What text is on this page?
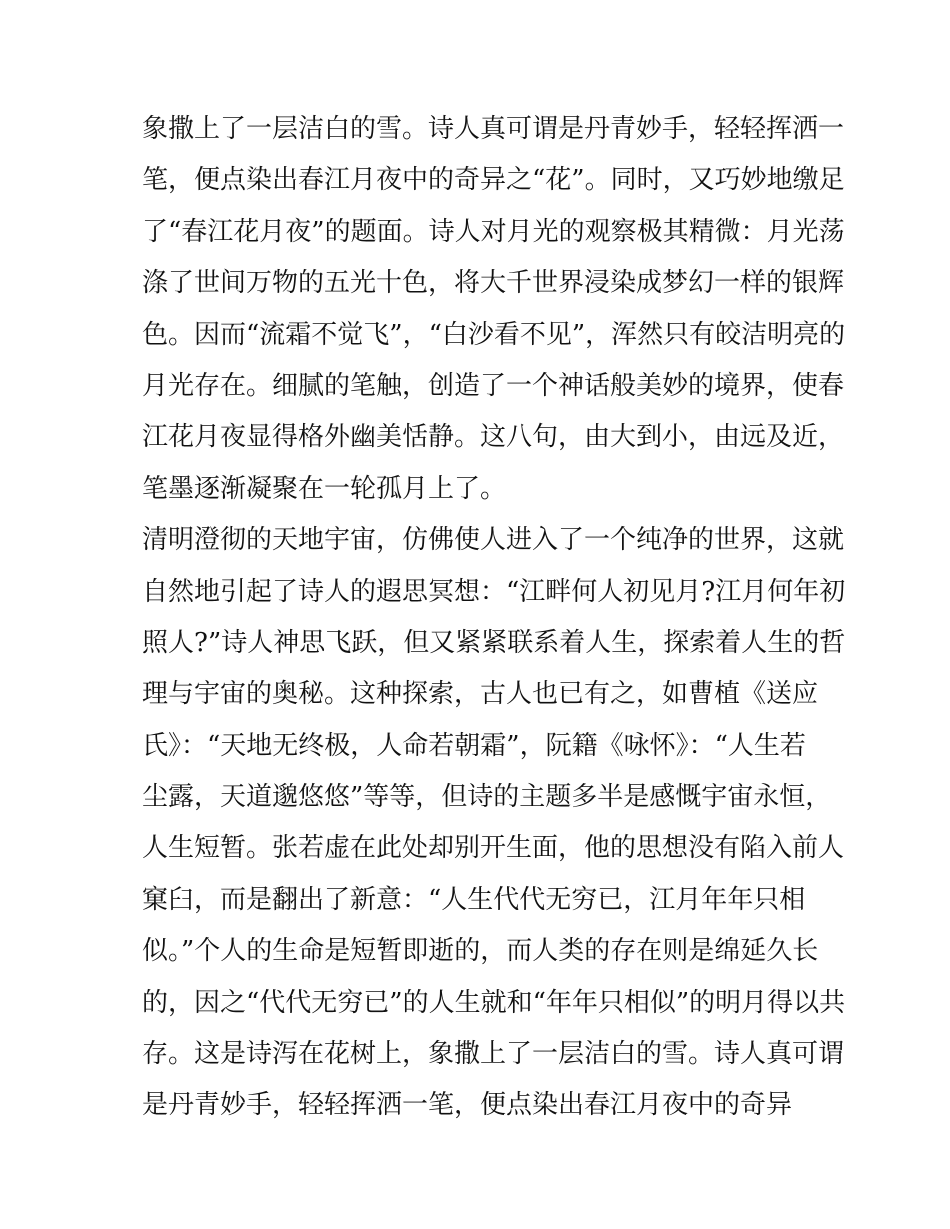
象撒上了一层洁白的雪。诗人真可谓是丹青妙手，轻轻挥洒一
笔，便点染出春江月夜中的奇异之“花”。同时，又巧妙地缴足
了“春江花月夜”的题面。诗人对月光的观察极其精微：月光荡
涤了世间万物的五光十色，将大千世界浸染成梦幻一样的银辉
色。因而“流霜不觉飞”，“白沙看不见”，浑然只有皎洁明亮的
月光存在。细腻的笔触，创造了一个神话般美妙的境界，使春
江花月夜显得格外幽美恬静。这八句，由大到小，由远及近，
笔墨逐渐凝聚在一轮孤月上了。
清明澄彻的天地宇宙，仿佛使人进入了一个纯净的世界，这就
自然地引起了诗人的遐思冥想：“江畔何人初见月?江月何年初
照人?”诗人神思飞跃，但又紧紧联系着人生，探索着人生的哲
理与宇宙的奥秘。这种探索，古人也已有之，如曹植《送应
氏》：“天地无终极，人命若朝霜”，阮籍《咏怀》：“人生若
尘露，天道邈悠悠”等等，但诗的主题多半是感慨宇宙永恒，
人生短暂。张若虚在此处却别开生面，他的思想没有陷入前人
窠臼，而是翻出了新意：“人生代代无穷已，江月年年只相
似。”个人的生命是短暂即逝的，而人类的存在则是绵延久长
的，因之“代代无穷已”的人生就和“年年只相似”的明月得以共
存。这是诗泻在花树上，象撒上了一层洁白的雪。诗人真可谓
是丹青妙手，轻轻挥洒一笔，便点染出春江月夜中的奇异
